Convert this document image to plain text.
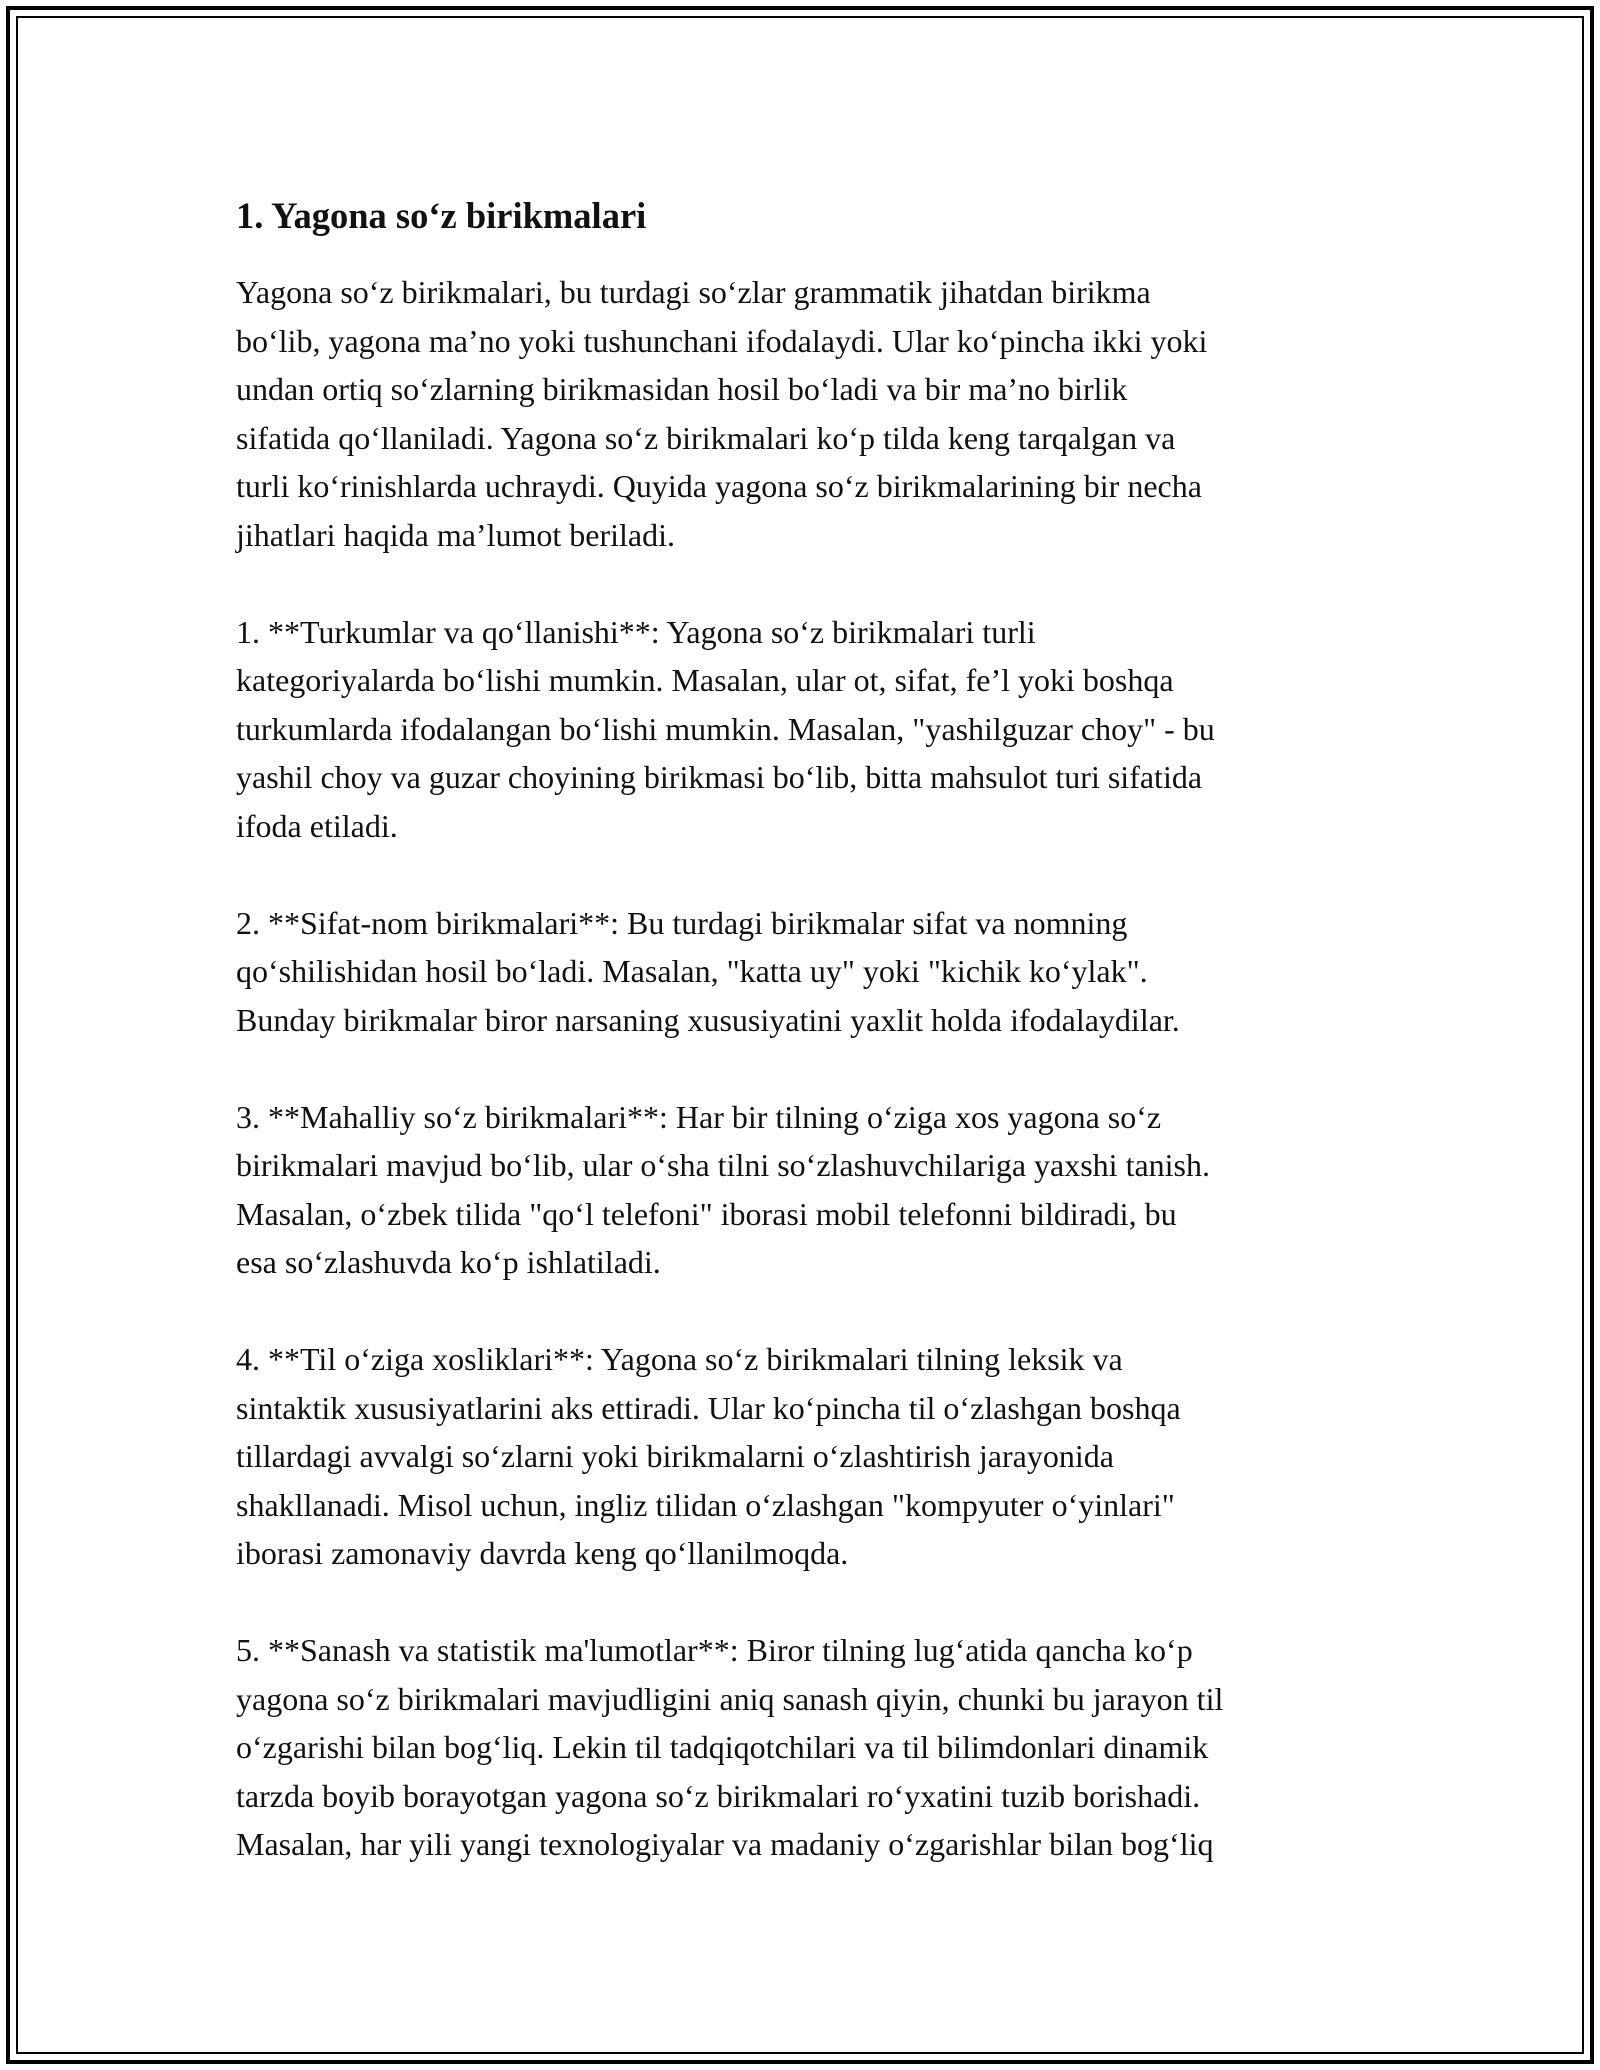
1. Yagona so‘z birikmalari

Yagona so‘z birikmalari, bu turdagi so‘zlar grammatik jihatdan birikma
bo‘lib, yagona ma’no yoki tushunchani ifodalaydi. Ular ko‘pincha ikki yoki
undan ortiq so‘zlarning birikmasidan hosil bo‘ladi va bir ma’no birlik
sifatida qo‘llaniladi. Yagona so‘z birikmalari ko‘p tilda keng tarqalgan va
turli ko‘rinishlarda uchraydi. Quyida yagona so‘z birikmalarining bir necha
jihatlari haqida ma’lumot beriladi.

1. **Turkumlar va qo‘llanishi**: Yagona so‘z birikmalari turli
kategoriyalarda bo‘lishi mumkin. Masalan, ular ot, sifat, fe’l yoki boshqa
turkumlarda ifodalangan bo‘lishi mumkin. Masalan, "yashilguzar choy" - bu
yashil choy va guzar choyining birikmasi bo‘lib, bitta mahsulot turi sifatida
ifoda etiladi.

2. **Sifat-nom birikmalari**: Bu turdagi birikmalar sifat va nomning
qo‘shilishidan hosil bo‘ladi. Masalan, "katta uy" yoki "kichik ko‘ylak".
Bunday birikmalar biror narsaning xususiyatini yaxlit holda ifodalaydilar.

3. **Mahalliy so‘z birikmalari**: Har bir tilning o‘ziga xos yagona so‘z
birikmalari mavjud bo‘lib, ular o‘sha tilni so‘zlashuvchilariga yaxshi tanish.
Masalan, o‘zbek tilida "qo‘l telefoni" iborasi mobil telefonni bildiradi, bu
esa so‘zlashuvda ko‘p ishlatiladi.

4. **Til o‘ziga xosliklari**: Yagona so‘z birikmalari tilning leksik va
sintaktik xususiyatlarini aks ettiradi. Ular ko‘pincha til o‘zlashgan boshqa
tillardagi avvalgi so‘zlarni yoki birikmalarni o‘zlashtirish jarayonida
shakllanadi. Misol uchun, ingliz tilidan o‘zlashgan "kompyuter o‘yinlari"
iborasi zamonaviy davrda keng qo‘llanilmoqda.

5. **Sanash va statistik ma'lumotlar**: Biror tilning lug‘atida qancha ko‘p
yagona so‘z birikmalari mavjudligini aniq sanash qiyin, chunki bu jarayon til
o‘zgarishi bilan bog‘liq. Lekin til tadqiqotchilari va til bilimdonlari dinamik
tarzda boyib borayotgan yagona so‘z birikmalari ro‘yxatini tuzib borishadi.
Masalan, har yili yangi texnologiyalar va madaniy o‘zgarishlar bilan bog‘liq
